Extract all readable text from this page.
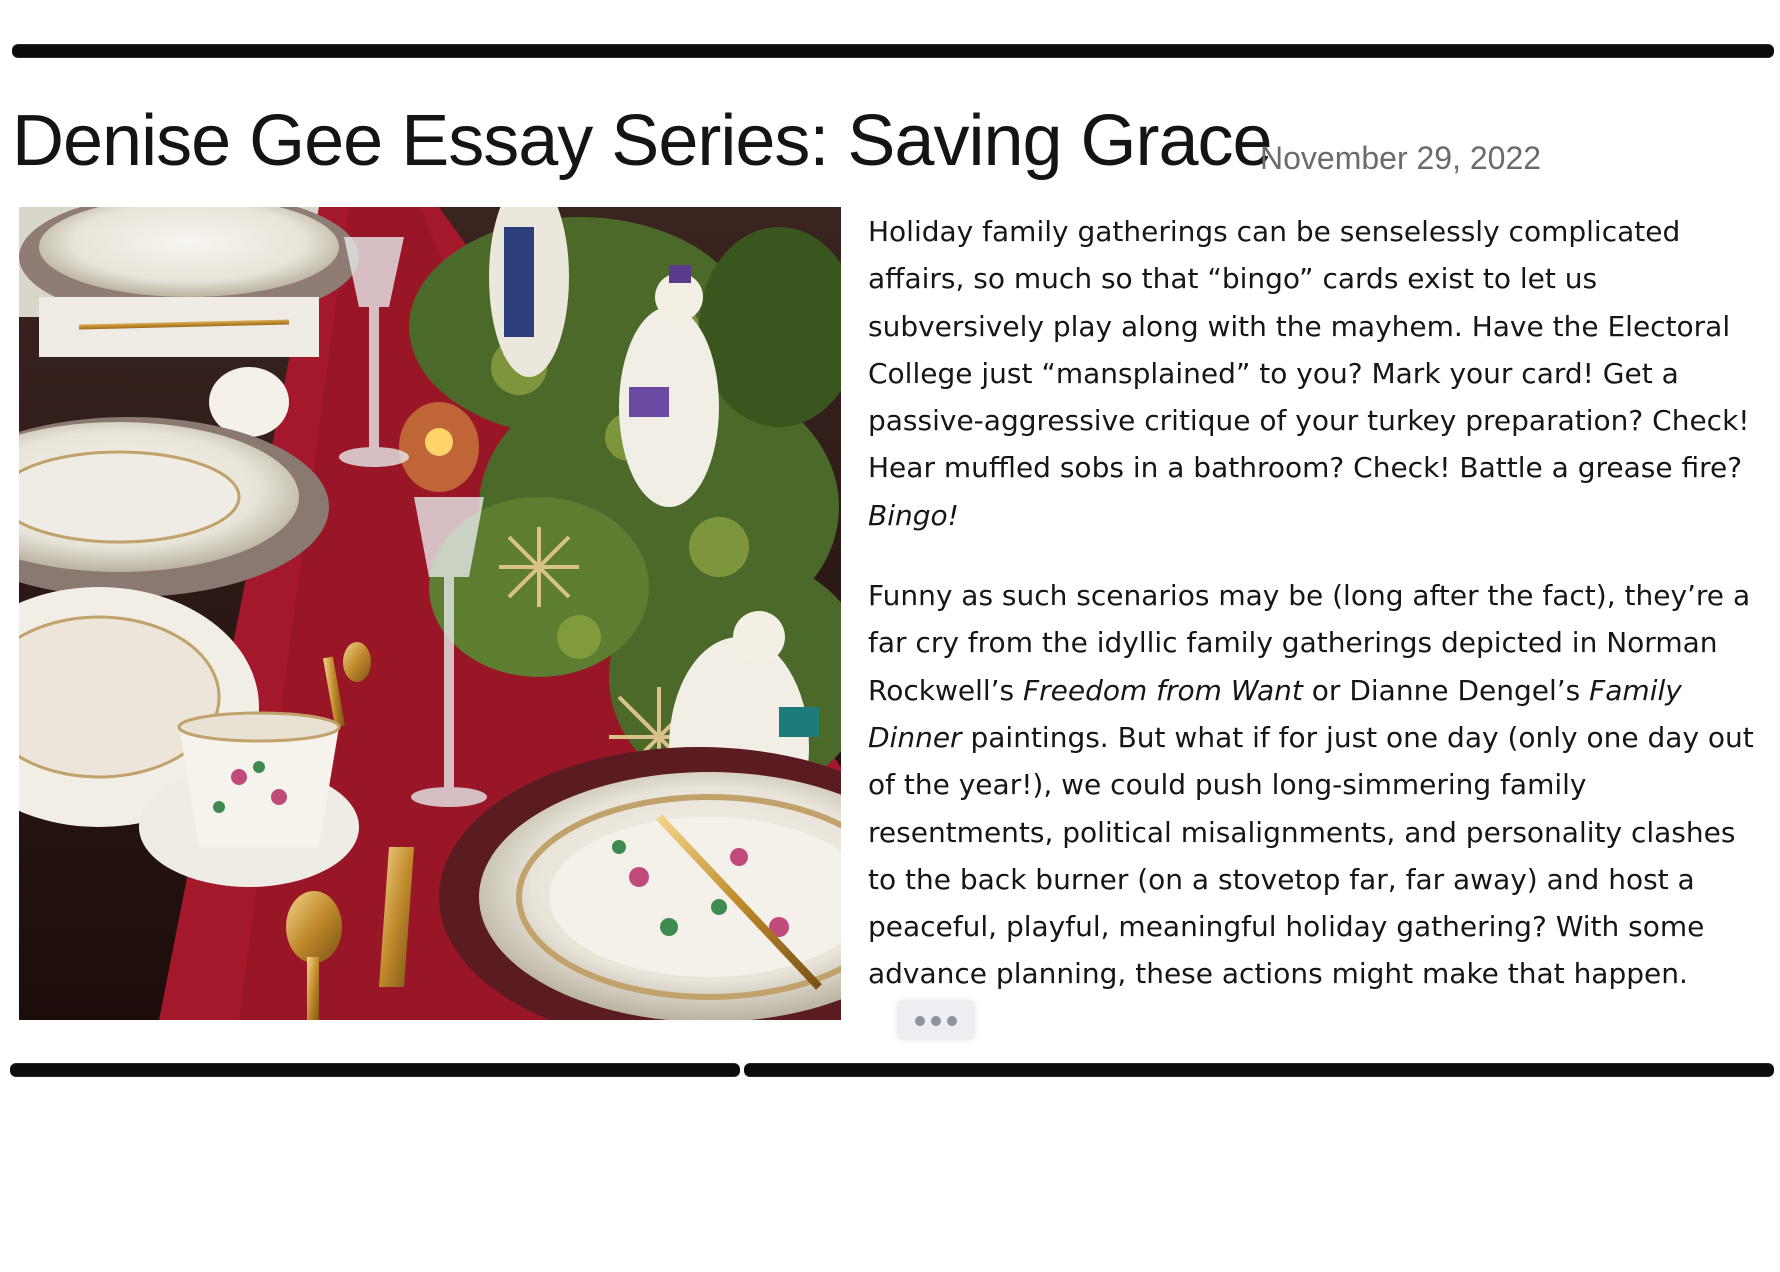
Denise Gee Essay Series: Saving Grace
November 29, 2022

Holiday family gatherings can be senselessly complicated affairs, so much so that “bingo” cards exist to let us subversively play along with the mayhem. Have the Electoral College just “mansplained” to you? Mark your card! Get a passive-aggressive critique of your turkey preparation? Check! Hear muffled sobs in a bathroom? Check! Battle a grease fire? Bingo!

Funny as such scenarios may be (long after the fact), they’re a far cry from the idyllic family gatherings depicted in Norman Rockwell’s Freedom from Want or Dianne Dengel’s Family Dinner paintings. But what if for just one day (only one day out of the year!), we could push long-simmering family resentments, political misalignments, and personality clashes to the back burner (on a stovetop far, far away) and host a peaceful, playful, meaningful holiday gathering? With some advance planning, these actions might make that happen.
